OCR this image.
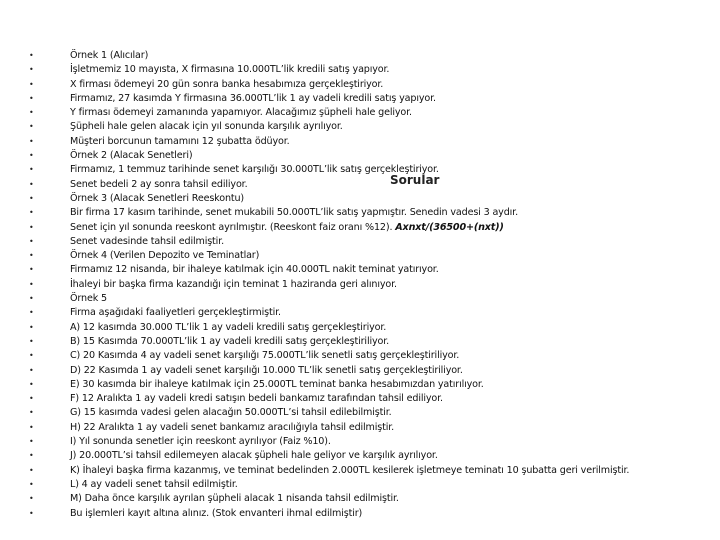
•	Örnek 1 (Alıcılar)
•	İşletmemiz 10 mayısta, X firmasına 10.000TL’lik kredili satış yapıyor.
•	X firması ödemeyi 20 gün sonra banka hesabımıza gerçekleştiriyor.
•	Firmamız, 27 kasımda Y firmasına 36.000TL’lik 1 ay vadeli kredili satış yapıyor.
•	Y firması ödemeyi zamanında yapamıyor. Alacağımız şüpheli hale geliyor.
•	Şüpheli hale gelen alacak için yıl sonunda karşılık ayrılıyor.
•	Müşteri borcunun tamamını 12 şubatta ödüyor.
•	Örnek 2 (Alacak Senetleri)
•	Firmamız, 1 temmuz tarihinde senet karşılığı 30.000TL’lik satış gerçekleştiriyor.
•	Senet bedeli 2 ay sonra tahsil ediliyor.
•	Örnek 3 (Alacak Senetleri Reeskontu)
•	Bir firma 17 kasım tarihinde, senet mukabili 50.000TL’lik satış yapmıştır. Senedin vadesi 3 aydır.
•	Senet için yıl sonunda reeskont ayrılmıştır. (Reeskont faiz oranı %12). Axnxt/(36500+(nxt))
•	Senet vadesinde tahsil edilmiştir.
•	Örnek 4 (Verilen Depozito ve Teminatlar)
•	Firmamız 12 nisanda, bir ihaleye katılmak için 40.000TL nakit teminat yatırıyor.
•	İhaleyi bir başka firma kazandığı için teminat 1 haziranda geri alınıyor.
•	Örnek 5
•	Firma aşağıdaki faaliyetleri gerçekleştirmiştir.
•	A) 12 kasımda 30.000 TL’lik 1 ay vadeli kredili satış gerçekleştiriyor.
•	B) 15 Kasımda 70.000TL’lik 1 ay vadeli kredili satış gerçekleştiriliyor.
•	C) 20 Kasımda 4 ay vadeli senet karşılığı 75.000TL’lik senetli satış gerçekleştiriliyor.
•	D) 22 Kasımda 1 ay vadeli senet karşılığı 10.000 TL’lik senetli satış gerçekleştiriliyor.
•	E) 30 kasımda bir ihaleye katılmak için 25.000TL teminat banka hesabımızdan yatırılıyor.
•	F) 12 Aralıkta 1 ay vadeli kredi satışın bedeli bankamız tarafından tahsil ediliyor.
•	G) 15 kasımda vadesi gelen alacağın 50.000TL’si tahsil edilebilmiştir.
•	H) 22 Aralıkta 1 ay vadeli senet bankamız aracılığıyla tahsil edilmiştir.
•	I) Yıl sonunda senetler için reeskont ayrılıyor (Faiz %10).
•	J) 20.000TL’si tahsil edilemeyen alacak şüpheli hale geliyor ve karşılık ayrılıyor.
•	K) İhaleyi başka firma kazanmış, ve teminat bedelinden 2.000TL kesilerek işletmeye teminatı 10 şubatta geri verilmiştir.
•	L) 4 ay vadeli senet tahsil edilmiştir.
•	M) Daha önce karşılık ayrılan şüpheli alacak 1 nisanda tahsil edilmiştir.
•	Bu işlemleri kayıt altına alınız. (Stok envanteri ihmal edilmiştir)
Sorular
